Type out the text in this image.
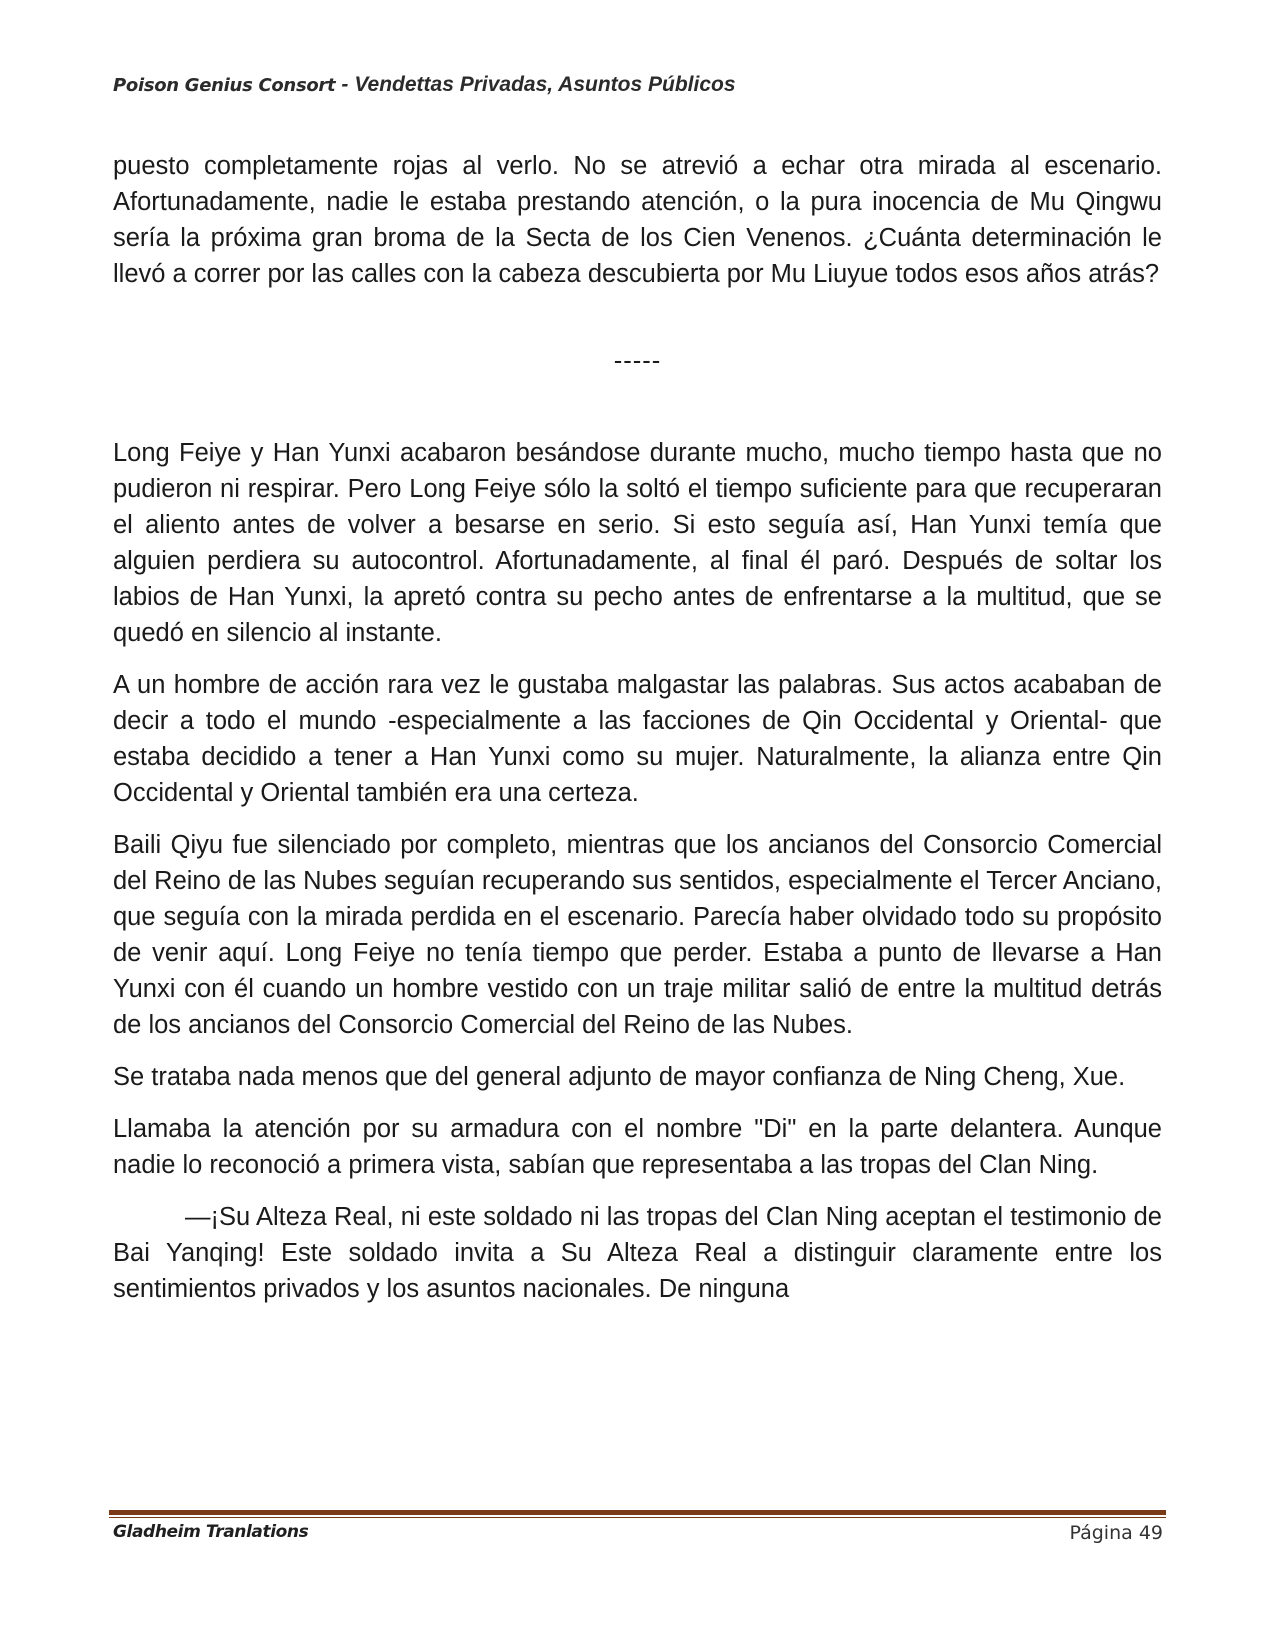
Poison Genius Consort - Vendettas Privadas, Asuntos Públicos

puesto completamente rojas al verlo. No se atrevió a echar otra mirada al escenario. Afortunadamente, nadie le estaba prestando atención, o la pura inocencia de Mu Qingwu sería la próxima gran broma de la Secta de los Cien Venenos. ¿Cuánta determinación le llevó a correr por las calles con la cabeza descubierta por Mu Liuyue todos esos años atrás?

-----

Long Feiye y Han Yunxi acabaron besándose durante mucho, mucho tiempo hasta que no pudieron ni respirar. Pero Long Feiye sólo la soltó el tiempo suficiente para que recuperaran el aliento antes de volver a besarse en serio. Si esto seguía así, Han Yunxi temía que alguien perdiera su autocontrol. Afortunadamente, al final él paró. Después de soltar los labios de Han Yunxi, la apretó contra su pecho antes de enfrentarse a la multitud, que se quedó en silencio al instante.

A un hombre de acción rara vez le gustaba malgastar las palabras. Sus actos acababan de decir a todo el mundo -especialmente a las facciones de Qin Occidental y Oriental- que estaba decidido a tener a Han Yunxi como su mujer. Naturalmente, la alianza entre Qin Occidental y Oriental también era una certeza.

Baili Qiyu fue silenciado por completo, mientras que los ancianos del Consorcio Comercial del Reino de las Nubes seguían recuperando sus sentidos, especialmente el Tercer Anciano, que seguía con la mirada perdida en el escenario. Parecía haber olvidado todo su propósito de venir aquí. Long Feiye no tenía tiempo que perder. Estaba a punto de llevarse a Han Yunxi con él cuando un hombre vestido con un traje militar salió de entre la multitud detrás de los ancianos del Consorcio Comercial del Reino de las Nubes.

Se trataba nada menos que del general adjunto de mayor confianza de Ning Cheng, Xue.

Llamaba la atención por su armadura con el nombre "Di" en la parte delantera. Aunque nadie lo reconoció a primera vista, sabían que representaba a las tropas del Clan Ning.

—¡Su Alteza Real, ni este soldado ni las tropas del Clan Ning aceptan el testimonio de Bai Yanqing! Este soldado invita a Su Alteza Real a distinguir claramente entre los sentimientos privados y los asuntos nacionales. De ninguna

Gladheim Tranlations	Página 49
